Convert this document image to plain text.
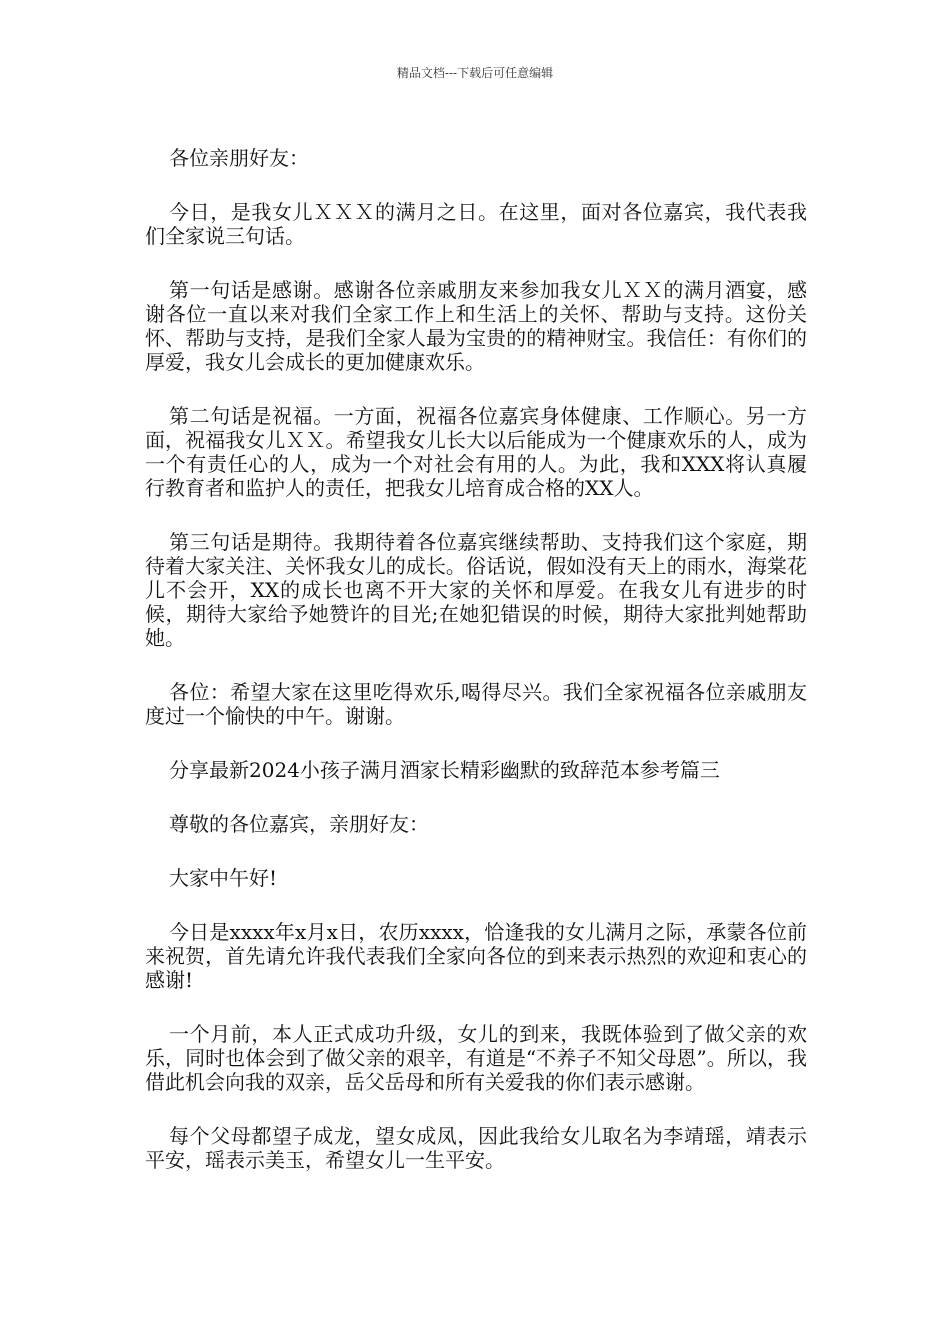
精品文档---下载后可任意编辑

各位亲朋好友：

今日，是我女儿ＸＸＸ的满月之日。在这里，面对各位嘉宾，我代表我们全家说三句话。

第一句话是感谢。感谢各位亲戚朋友来参加我女儿ＸＸ的满月酒宴，感谢各位一直以来对我们全家工作上和生活上的关怀、帮助与支持。这份关怀、帮助与支持，是我们全家人最为宝贵的的精神财宝。我信任：有你们的厚爱，我女儿会成长的更加健康欢乐。

第二句话是祝福。一方面，祝福各位嘉宾身体健康、工作顺心。另一方面，祝福我女儿ＸＸ。希望我女儿长大以后能成为一个健康欢乐的人，成为一个有责任心的人，成为一个对社会有用的人。为此，我和XXX将认真履行教育者和监护人的责任，把我女儿培育成合格的XX人。

第三句话是期待。我期待着各位嘉宾继续帮助、支持我们这个家庭，期待着大家关注、关怀我女儿的成长。俗话说，假如没有天上的雨水，海棠花儿不会开，XX的成长也离不开大家的关怀和厚爱。在我女儿有进步的时候，期待大家给予她赞许的目光;在她犯错误的时候，期待大家批判她帮助她。

各位：希望大家在这里吃得欢乐,喝得尽兴。我们全家祝福各位亲戚朋友度过一个愉快的中午。谢谢。

分享最新2024小孩子满月酒家长精彩幽默的致辞范本参考篇三

尊敬的各位嘉宾，亲朋好友：

大家中午好!

今日是xxxx年x月x日，农历xxxx，恰逢我的女儿满月之际，承蒙各位前来祝贺，首先请允许我代表我们全家向各位的到来表示热烈的欢迎和衷心的感谢!

一个月前，本人正式成功升级，女儿的到来，我既体验到了做父亲的欢乐，同时也体会到了做父亲的艰辛，有道是“不养子不知父母恩”。所以，我借此机会向我的双亲，岳父岳母和所有关爱我的你们表示感谢。

每个父母都望子成龙，望女成凤，因此我给女儿取名为李靖瑶，靖表示平安，瑶表示美玉，希望女儿一生平安。
